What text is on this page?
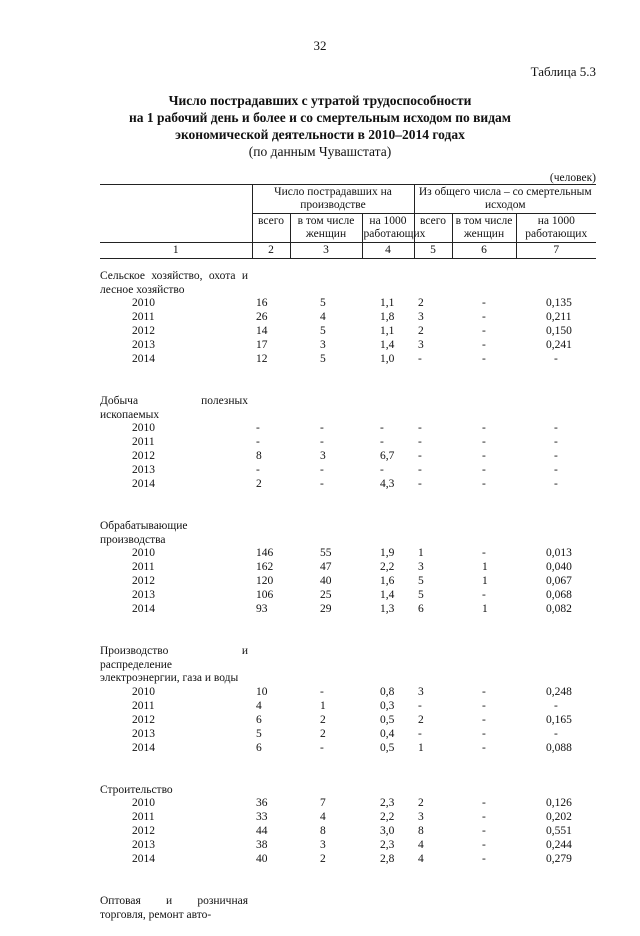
32
Таблица 5.3
Число пострадавших с утратой трудоспособности
на 1 рабочий день и более и со смертельным исходом по видам
экономической деятельности в 2010–2014 годах
(по данным Чувашстата)
(человек)
	Число пострадавших на производстве			Из общего числа – со смертельным исходом		
	всего	в том числе женщин	на 1000 работающих	всего	в том числе женщин	на 1000 работающих
1	2	3	4	5	6	7
Сельское хозяйство, охота и лесное хозяйство
2010	16	5	1,1	2	-	0,135
2011	26	4	1,8	3	-	0,211
2012	14	5	1,1	2	-	0,150
2013	17	3	1,4	3	-	0,241
2014	12	5	1,0	-	-	-
Добыча полезных ископаемых
2010	-	-	-	-	-	-
2011	-	-	-	-	-	-
2012	8	3	6,7	-	-	-
2013	-	-	-	-	-	-
2014	2	-	4,3	-	-	-
Обрабатывающие производства
2010	146	55	1,9	1	-	0,013
2011	162	47	2,2	3	1	0,040
2012	120	40	1,6	5	1	0,067
2013	106	25	1,4	5	-	0,068
2014	93	29	1,3	6	1	0,082
Производство и распределение электроэнергии, газа и воды
2010	10	-	0,8	3	-	0,248
2011	4	1	0,3	-	-	-
2012	6	2	0,5	2	-	0,165
2013	5	2	0,4	-	-	-
2014	6	-	0,5	1	-	0,088
Строительство
2010	36	7	2,3	2	-	0,126
2011	33	4	2,2	3	-	0,202
2012	44	8	3,0	8	-	0,551
2013	38	3	2,3	4	-	0,244
2014	40	2	2,8	4	-	0,279
Оптовая и розничная торговля, ремонт авто-
